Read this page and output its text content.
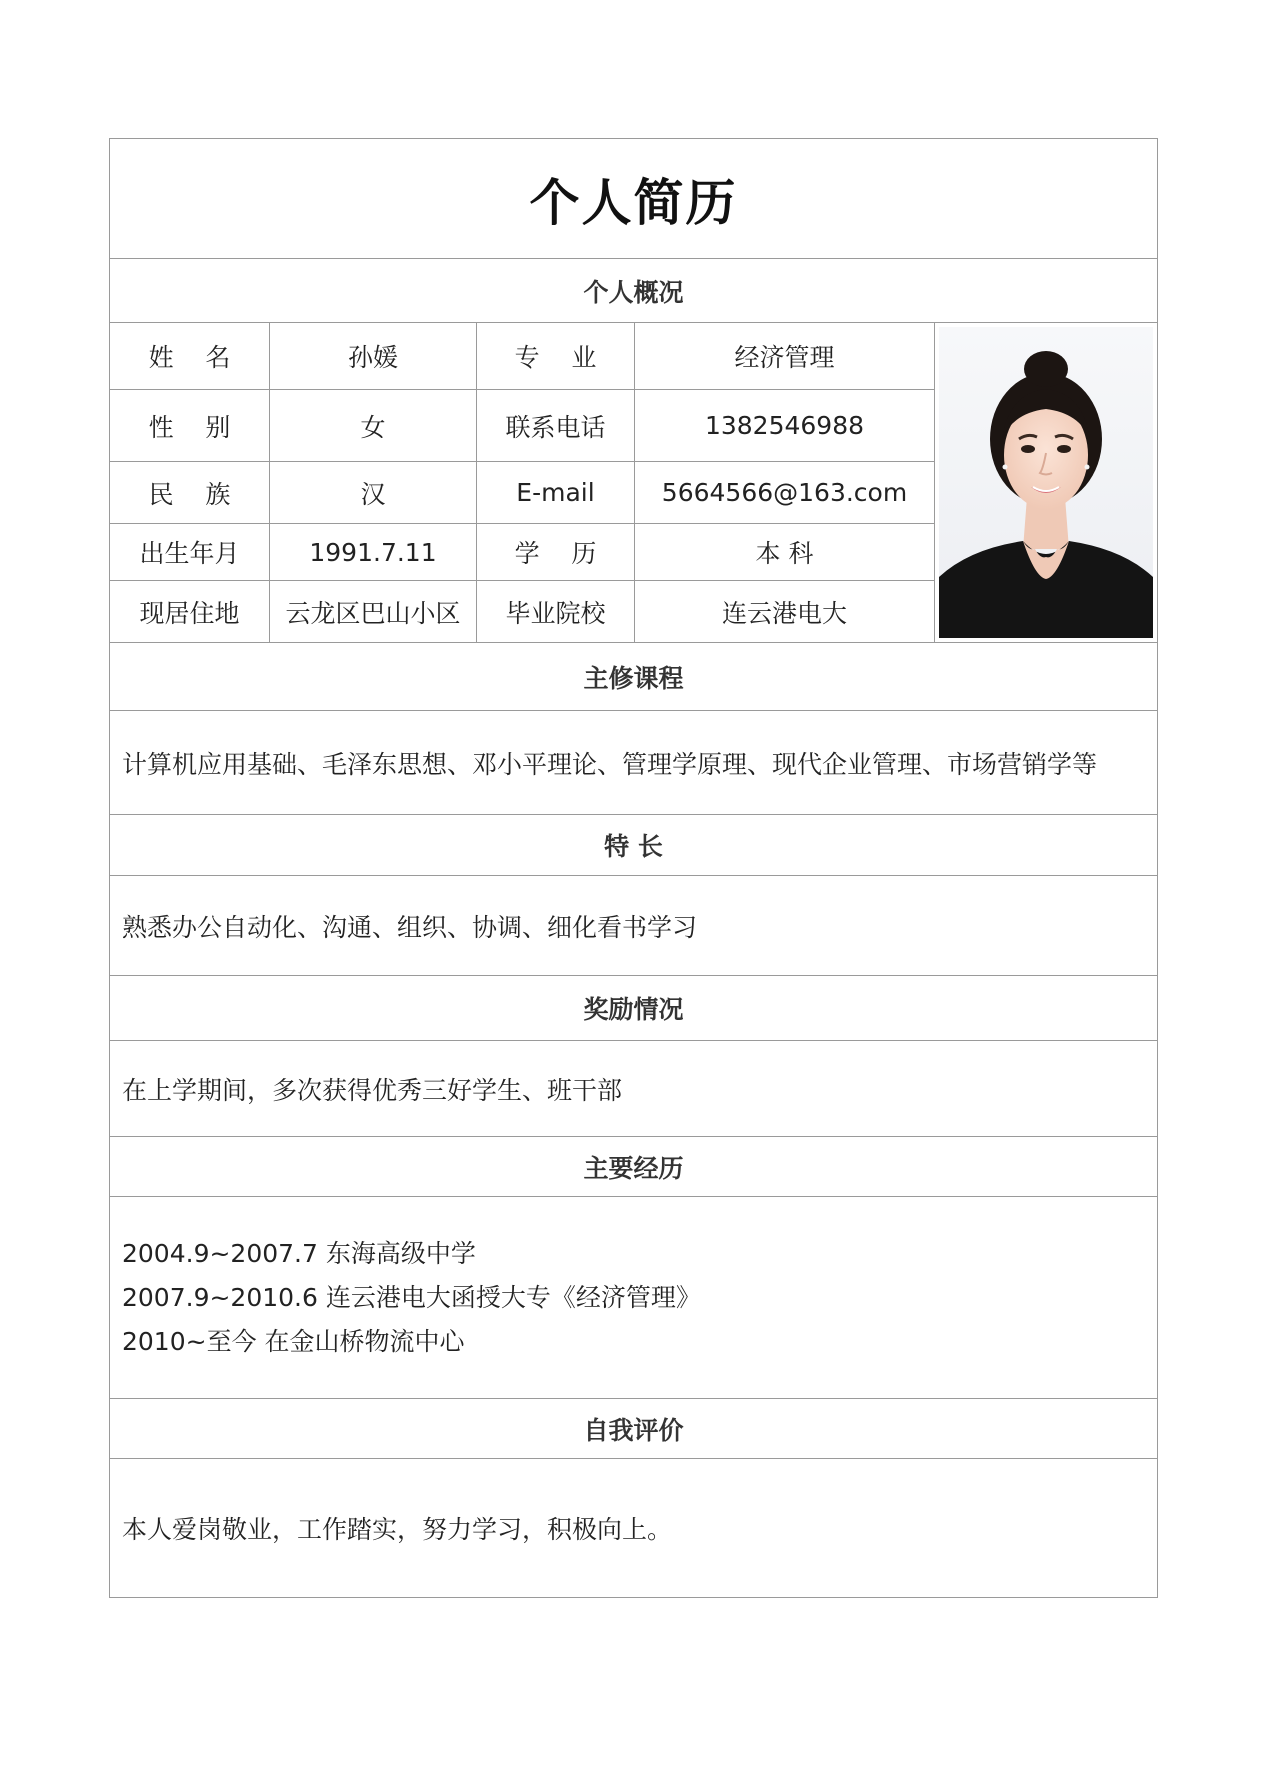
个人简历
个人概况
姓    名	孙媛	专    业	经济管理
性    别	女	联系电话	1382546988
民    族	汉	E-mail	5664566@163.com
出生年月	1991.7.11	学    历	本 科
现居住地	云龙区巴山小区	毕业院校	连云港电大
主修课程
计算机应用基础、毛泽东思想、邓小平理论、管理学原理、现代企业管理、市场营销学等
特 长
熟悉办公自动化、沟通、组织、协调、细化看书学习
奖励情况
在上学期间，多次获得优秀三好学生、班干部
主要经历
2004.9~2007.7 东海高级中学
2007.9~2010.6 连云港电大函授大专《经济管理》
2010~至今 在金山桥物流中心
自我评价
本人爱岗敬业，工作踏实，努力学习，积极向上。
